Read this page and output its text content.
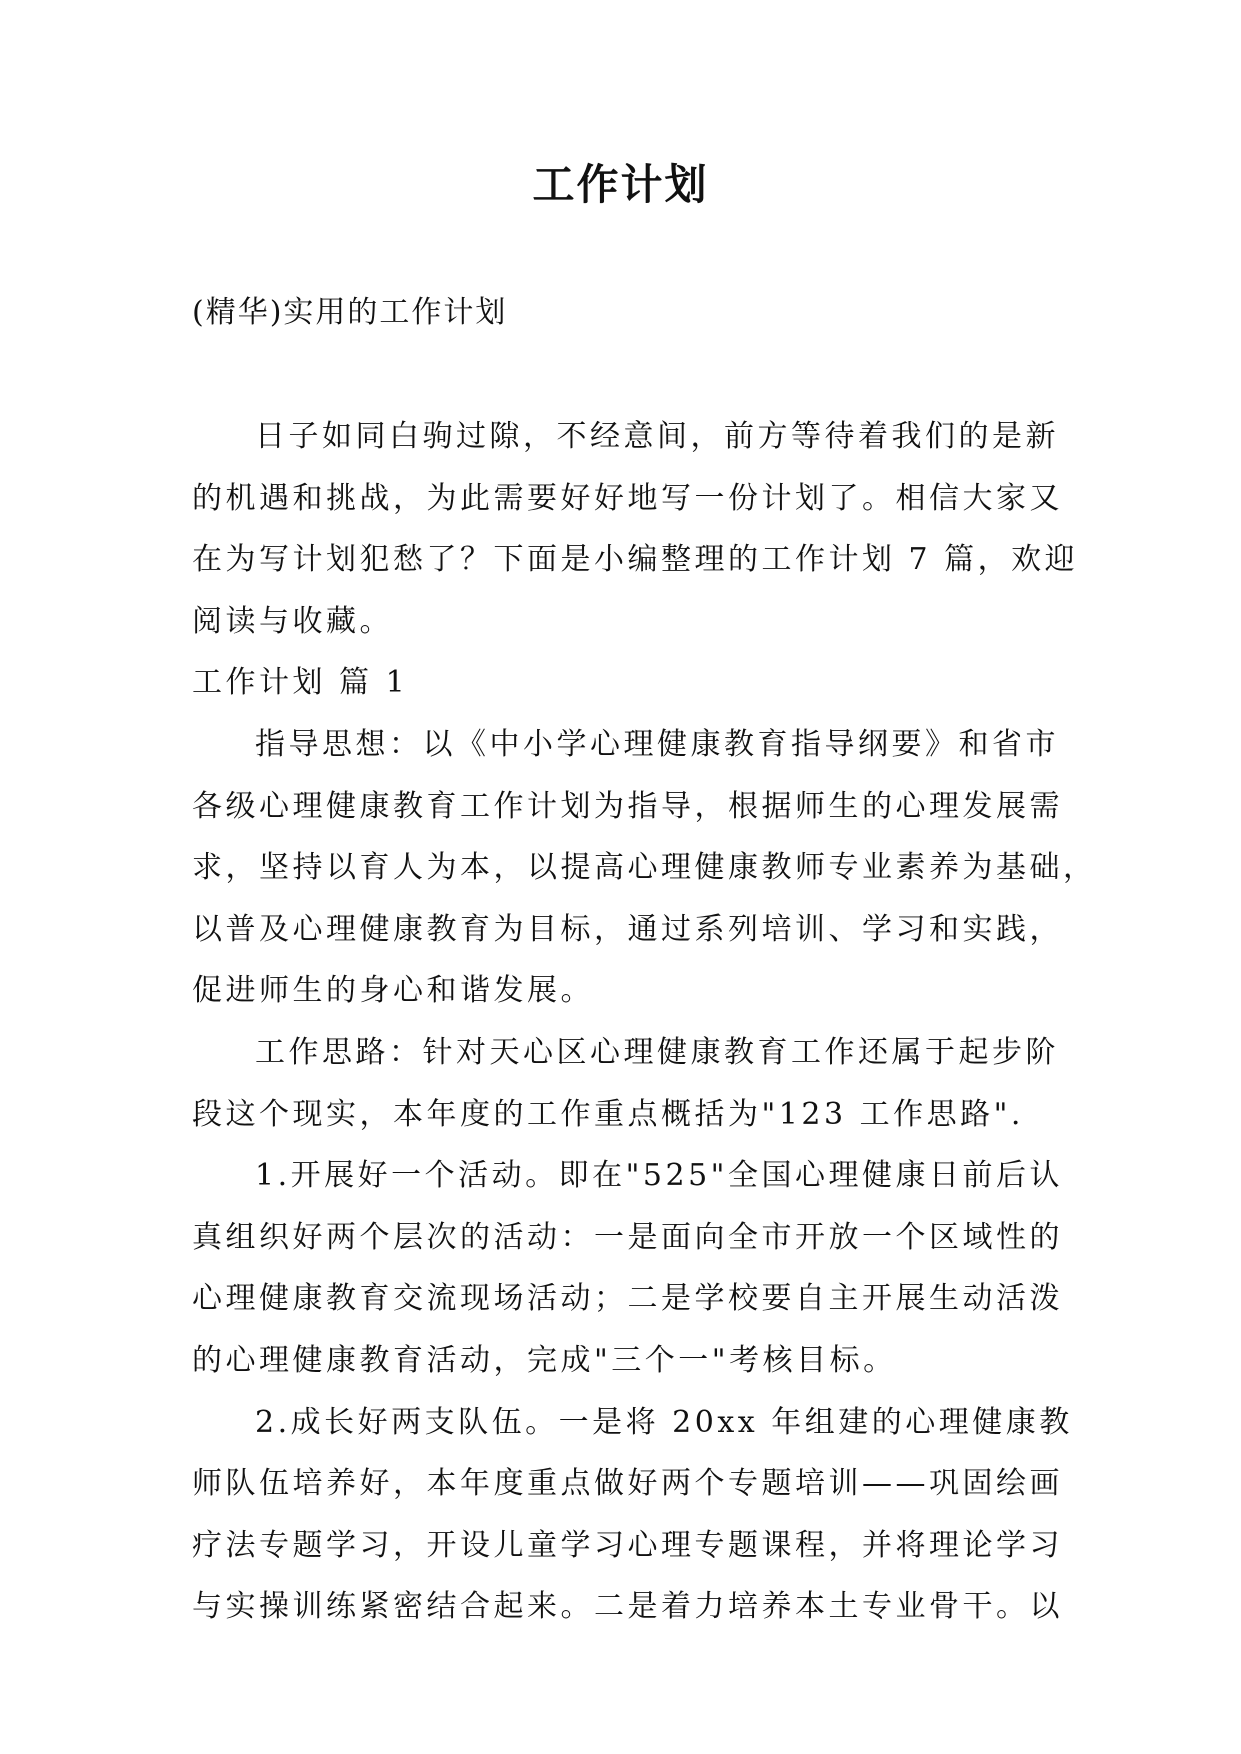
工作计划
(精华)实用的工作计划
日子如同白驹过隙，不经意间，前方等待着我们的是新
的机遇和挑战，为此需要好好地写一份计划了。相信大家又
在为写计划犯愁了？下面是小编整理的工作计划 7 篇，欢迎
阅读与收藏。
工作计划 篇 1
指导思想：以《中小学心理健康教育指导纲要》和省市
各级心理健康教育工作计划为指导，根据师生的心理发展需
求，坚持以育人为本，以提高心理健康教师专业素养为基础，
以普及心理健康教育为目标，通过系列培训、学习和实践，
促进师生的身心和谐发展。
工作思路：针对天心区心理健康教育工作还属于起步阶
段这个现实，本年度的工作重点概括为"123 工作思路".
1.开展好一个活动。即在"525"全国心理健康日前后认
真组织好两个层次的活动：一是面向全市开放一个区域性的
心理健康教育交流现场活动；二是学校要自主开展生动活泼
的心理健康教育活动，完成"三个一"考核目标。
2.成长好两支队伍。一是将 20xx 年组建的心理健康教
师队伍培养好，本年度重点做好两个专题培训——巩固绘画
疗法专题学习，开设儿童学习心理专题课程，并将理论学习
与实操训练紧密结合起来。二是着力培养本土专业骨干。以
